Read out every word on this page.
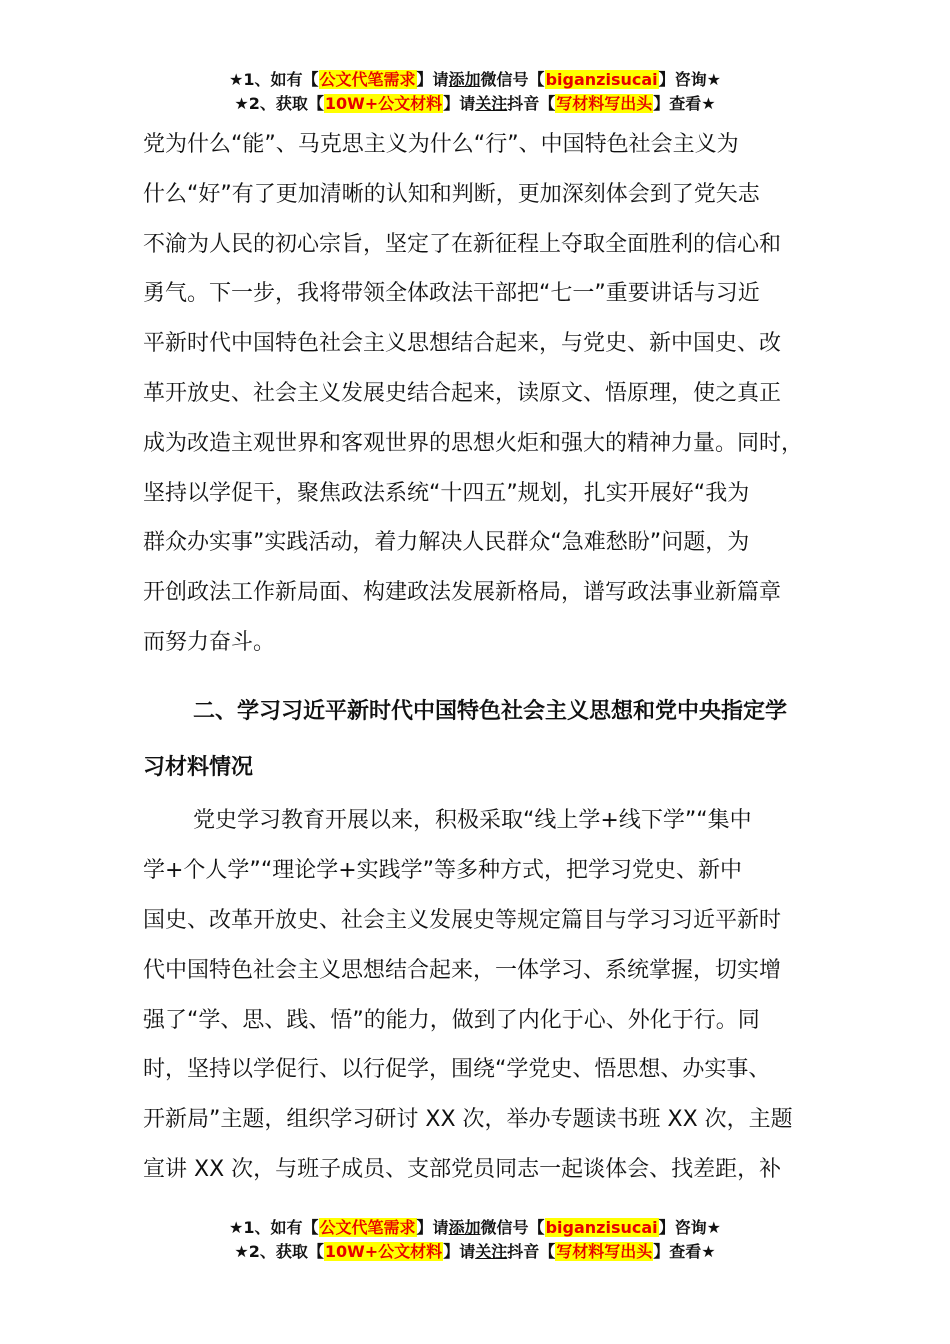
★1、如有【公文代笔需求】请添加微信号【biganzisucai】咨询★
★2、获取【10W+公文材料】请关注抖音【写材料写出头】查看★

党为什么“能”、马克思主义为什么“行”、中国特色社会主义为

什么“好”有了更加清晰的认知和判断，更加深刻体会到了党矢志

不渝为人民的初心宗旨，坚定了在新征程上夺取全面胜利的信心和

勇气。下一步，我将带领全体政法干部把“七一”重要讲话与习近

平新时代中国特色社会主义思想结合起来，与党史、新中国史、改

革开放史、社会主义发展史结合起来，读原文、悟原理，使之真正

成为改造主观世界和客观世界的思想火炬和强大的精神力量。同时，

坚持以学促干，聚焦政法系统“十四五”规划，扎实开展好“我为

群众办实事”实践活动，着力解决人民群众“急难愁盼”问题，为

开创政法工作新局面、构建政法发展新格局，谱写政法事业新篇章

而努力奋斗。

二、学习习近平新时代中国特色社会主义思想和党中央指定学

习材料情况

党史学习教育开展以来，积极采取“线上学+线下学”“集中

学+个人学”“理论学+实践学”等多种方式，把学习党史、新中

国史、改革开放史、社会主义发展史等规定篇目与学习习近平新时

代中国特色社会主义思想结合起来，一体学习、系统掌握，切实增

强了“学、思、践、悟”的能力，做到了内化于心、外化于行。同

时，坚持以学促行、以行促学，围绕“学党史、悟思想、办实事、

开新局”主题，组织学习研讨 XX 次，举办专题读书班 XX 次，主题

宣讲 XX 次，与班子成员、支部党员同志一起谈体会、找差距，补

★1、如有【公文代笔需求】请添加微信号【biganzisucai】咨询★
★2、获取【10W+公文材料】请关注抖音【写材料写出头】查看★
